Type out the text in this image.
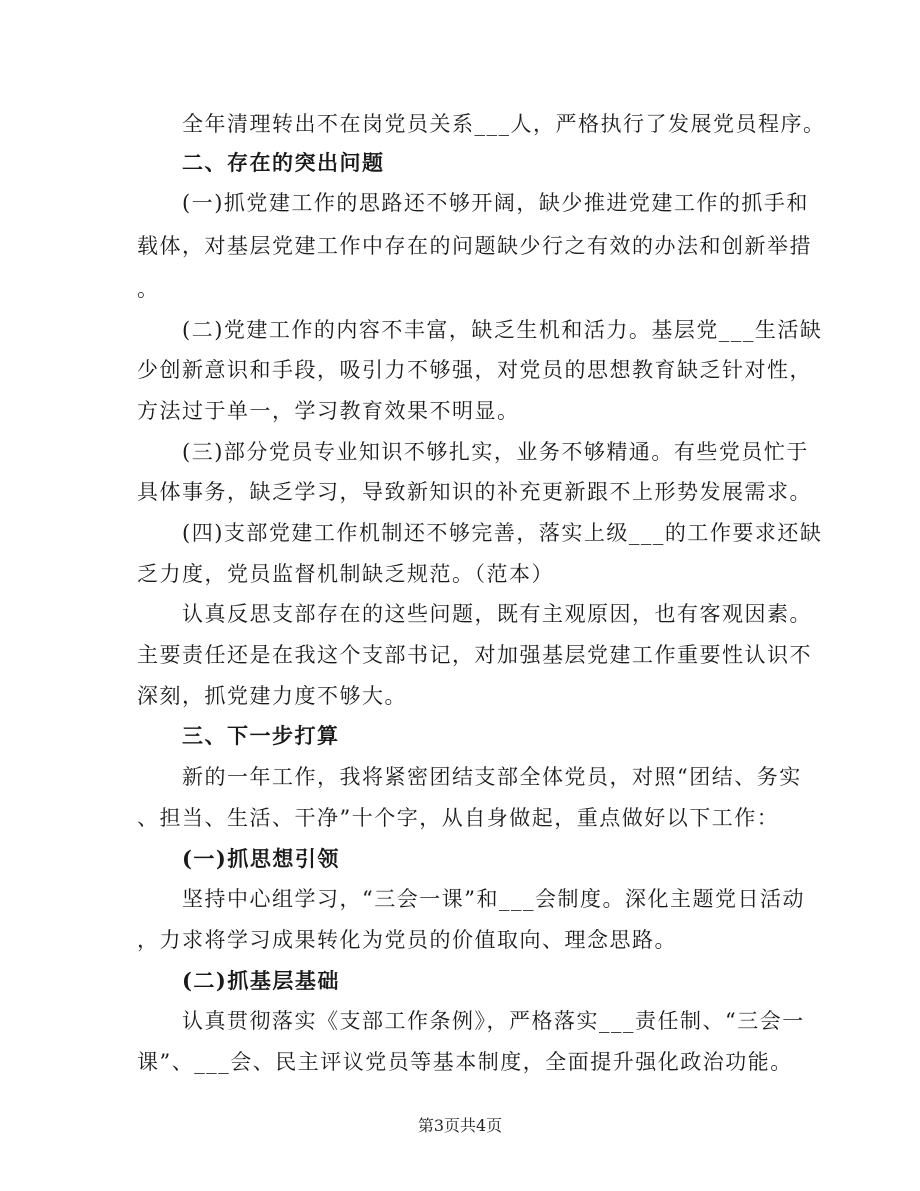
全年清理转出不在岗党员关系___人，严格执行了发展党员程序。
二、存在的突出问题
(一)抓党建工作的思路还不够开阔，缺少推进党建工作的抓手和
载体，对基层党建工作中存在的问题缺少行之有效的办法和创新举措
。
(二)党建工作的内容不丰富，缺乏生机和活力。基层党___生活缺
少创新意识和手段，吸引力不够强，对党员的思想教育缺乏针对性，
方法过于单一，学习教育效果不明显。
(三)部分党员专业知识不够扎实，业务不够精通。有些党员忙于
具体事务，缺乏学习，导致新知识的补充更新跟不上形势发展需求。
(四)支部党建工作机制还不够完善，落实上级___的工作要求还缺
乏力度，党员监督机制缺乏规范。（范本）
认真反思支部存在的这些问题，既有主观原因，也有客观因素。
主要责任还是在我这个支部书记，对加强基层党建工作重要性认识不
深刻，抓党建力度不够大。
三、下一步打算
新的一年工作，我将紧密团结支部全体党员，对照“团结、务实
、担当、生活、干净”十个字，从自身做起，重点做好以下工作：
(一)抓思想引领
坚持中心组学习，“三会一课”和___会制度。深化主题党日活动
，力求将学习成果转化为党员的价值取向、理念思路。
(二)抓基层基础
认真贯彻落实《支部工作条例》，严格落实___责任制、“三会一
课”、___会、民主评议党员等基本制度，全面提升强化政治功能。
第3页共4页
